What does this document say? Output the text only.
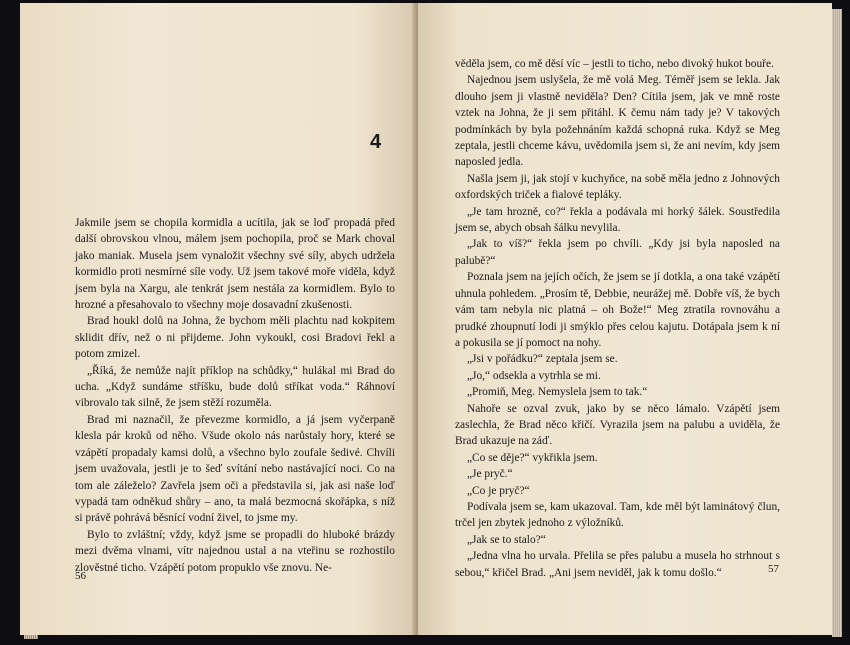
4

Jakmile jsem se chopila kormidla a ucítila, jak se loď propadá před další obrovskou vlnou, málem jsem pochopila, proč se Mark choval jako maniak. Musela jsem vynaložit všechny své síly, abych udržela kormidlo proti nesmírné síle vody. Už jsem takové moře viděla, když jsem byla na Xargu, ale tenkrát jsem nestála za kormidlem. Bylo to hrozné a přesahovalo to všechny moje dosavadní zkušenosti.

Brad houkl dolů na Johna, že bychom měli plachtu nad kokpitem sklidit dřív, než o ni přijdeme. John vykoukl, cosi Bradovi řekl a potom zmizel.

„Říká, že nemůže najít příklop na schůdky,“ hulákal mi Brad do ucha. „Když sundáme stříšku, bude dolů stříkat voda.“ Ráhnoví vibrovalo tak silně, že jsem stěží rozuměla.

Brad mi naznačil, že převezme kormidlo, a já jsem vyčerpaně klesla pár kroků od něho. Všude okolo nás narůstaly hory, které se vzápětí propadaly kamsi dolů, a všechno bylo zoufale šedivé. Chvíli jsem uvažovala, jestli je to šeď svítání nebo nastávající noci. Co na tom ale záleželo? Zavřela jsem oči a představila si, jak asi naše loď vypadá tam odněkud shůry – ano, ta malá bezmocná skořápka, s níž si právě pohrává běsnící vodní živel, to jsme my.

Bylo to zvláštní; vždy, když jsme se propadli do hluboké brázdy mezi dvěma vlnami, vítr najednou ustal a na vteřinu se rozhostilo zlověstné ticho. Vzápětí potom propuklo vše znovu. Ne-

56

věděla jsem, co mě děsí víc – jestli to ticho, nebo divoký hukot bouře.

Najednou jsem uslyšela, že mě volá Meg. Téměř jsem se lekla. Jak dlouho jsem ji vlastně neviděla? Den? Cítila jsem, jak ve mně roste vztek na Johna, že ji sem přitáhl. K čemu nám tady je? V takových podmínkách by byla požehnáním každá schopná ruka. Když se Meg zeptala, jestli chceme kávu, uvědomila jsem si, že ani nevím, kdy jsem naposled jedla.

Našla jsem ji, jak stojí v kuchyňce, na sobě měla jedno z Johnových oxfordských triček a fialové tepláky.

„Je tam hrozně, co?“ řekla a podávala mi horký šálek. Soustředila jsem se, abych obsah šálku nevylila.

„Jak to víš?“ řekla jsem po chvíli. „Kdy jsi byla naposled na palubě?“

Poznala jsem na jejích očích, že jsem se jí dotkla, a ona také vzápětí uhnula pohledem. „Prosím tě, Debbie, neurážej mě. Dobře víš, že bych vám tam nebyla nic platná – oh Bože!“ Meg ztratila rovnováhu a prudké zhoupnutí lodi ji smýklo přes celou kajutu. Dotápala jsem k ní a pokusila se jí pomoct na nohy.

„Jsi v pořádku?“ zeptala jsem se.

„Jo,“ odsekla a vytrhla se mi.

„Promiň, Meg. Nemyslela jsem to tak.“

Nahoře se ozval zvuk, jako by se něco lámalo. Vzápětí jsem zaslechla, že Brad něco křičí. Vyrazila jsem na palubu a uviděla, že Brad ukazuje na záď.

„Co se děje?“ vykřikla jsem.

„Je pryč.“

„Co je pryč?“

Podívala jsem se, kam ukazoval. Tam, kde měl být laminátový člun, trčel jen zbytek jednoho z výložníků.

„Jak se to stalo?“

„Jedna vlna ho urvala. Přelila se přes palubu a musela ho strhnout s sebou,“ křičel Brad. „Ani jsem neviděl, jak k tomu došlo.“	57
